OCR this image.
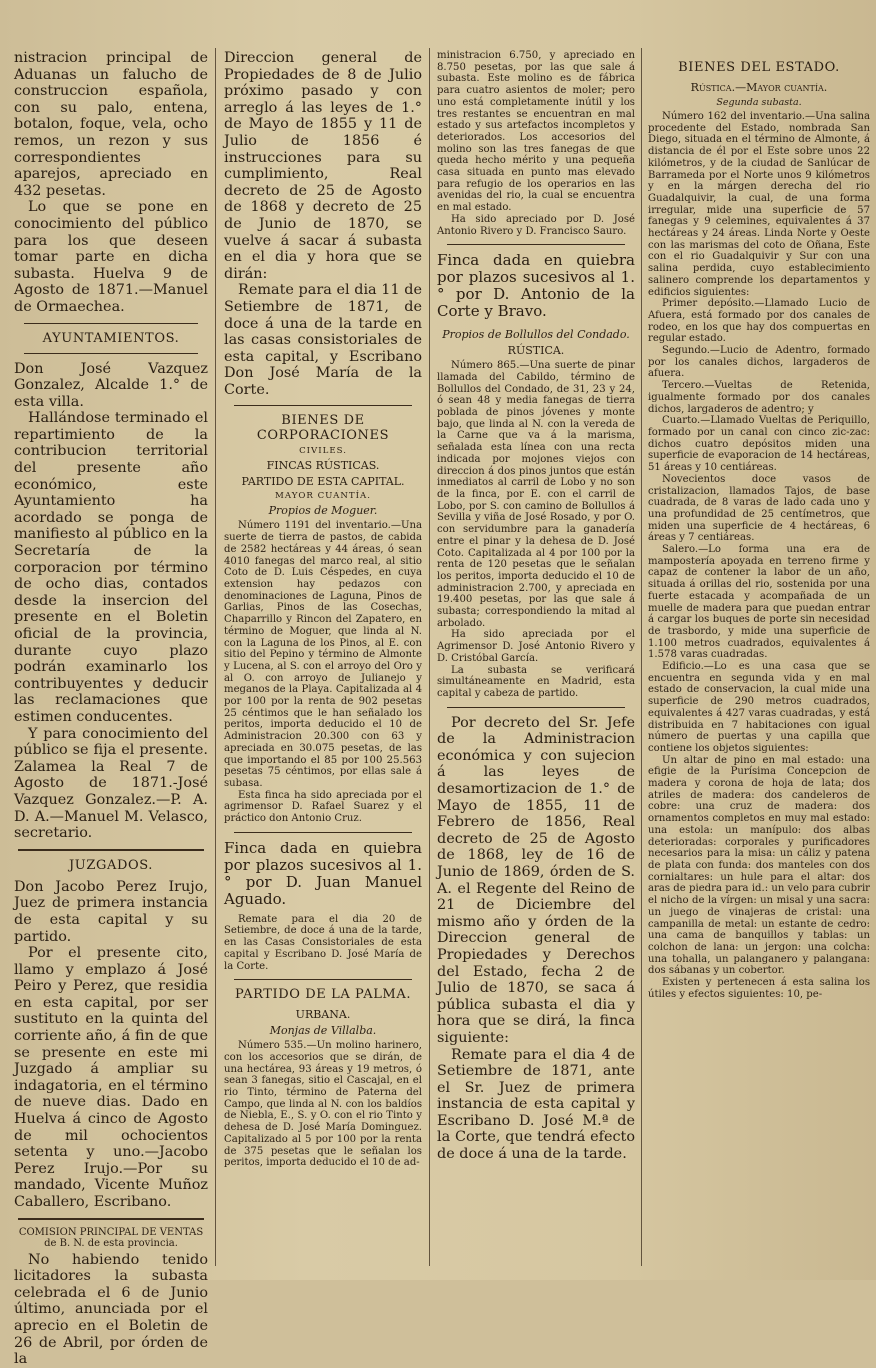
nistracion principal de Aduanas un falucho de construccion española, con su palo, entena, botalon, foque, vela, ocho remos, un rezon y sus correspondientes aparejos, apreciado en 432 pesetas.

Lo que se pone en conocimiento del público para los que deseen tomar parte en dicha subasta. Huelva 9 de Agosto de 1871.—Manuel de Ormaechea.

AYUNTAMIENTOS.

Don José Vazquez Gonzalez, Alcalde 1.° de esta villa.

Hallándose terminado el repartimiento de la contribucion territorial del presente año económico, este Ayuntamiento ha acordado se ponga de manifiesto al público en la Secretaría de la corporacion por término de ocho dias, contados desde la insercion del presente en el Boletin oficial de la provincia, durante cuyo plazo podrán examinarlo los contribuyentes y deducir las reclamaciones que estimen conducentes.

Y para conocimiento del público se fija el presente. Zalamea la Real 7 de Agosto de 1871.-José Vazquez Gonzalez.—P. A. D. A.—Manuel M. Velasco, secretario.

JUZGADOS.

Don Jacobo Perez Irujo, Juez de primera instancia de esta capital y su partido.

Por el presente cito, llamo y emplazo á José Peiro y Perez, que residia en esta capital, por ser sustituto en la quinta del corriente año, á fin de que se presente en este mi Juzgado á ampliar su indagatoria, en el término de nueve dias. Dado en Huelva á cinco de Agosto de mil ochocientos setenta y uno.—Jacobo Perez Irujo.—Por su mandado, Vicente Muñoz Caballero, Escribano.

COMISION PRINCIPAL DE VENTAS de B. N. de esta provincia.

No habiendo tenido licitadores la subasta celebrada el 6 de Junio último, anunciada por el aprecio en el Boletin de 26 de Abril, por órden de la

Direccion general de Propiedades de 8 de Julio próximo pasado y con arreglo á las leyes de 1.° de Mayo de 1855 y 11 de Julio de 1856 é instrucciones para su cumplimiento, Real decreto de 25 de Agosto de 1868 y decreto de 25 de Junio de 1870, se vuelve á sacar á subasta en el dia y hora que se dirán:

Remate para el dia 11 de Setiembre de 1871, de doce á una de la tarde en las casas consistoriales de esta capital, y Escribano Don José María de la Corte.

BIENES DE CORPORACIONES
CIVILES.
FINCAS RÚSTICAS.
PARTIDO DE ESTA CAPITAL.
MAYOR CUANTÍA.
Propios de Moguer.

Número 1191 del inventario.—Una suerte de tierra de pastos, de cabida de 2582 hectáreas y 44 áreas, ó sean 4010 fanegas del marco real, al sitio Coto de D. Luis Céspedes, en cuya extension hay pedazos con denominaciones de Laguna, Pinos de Garlias, Pinos de las Cosechas, Chaparrillo y Rincon del Zapatero, en término de Moguer, que linda al N. con la Laguna de los Pinos, al E. con sitio del Pepino y término de Almonte y Lucena, al S. con el arroyo del Oro y al O. con arroyo de Julianejo y meganos de la Playa. Capitalizada al 4 por 100 por la renta de 902 pesetas 25 céntimos que le han señalado los peritos, importa deducido el 10 de Administracion 20.300 con 63 y apreciada en 30.075 pesetas, de las que importando el 85 por 100 25.563 pesetas 75 céntimos, por ellas sale á subasa.

Esta finca ha sido apreciada por el agrimensor D. Rafael Suarez y el práctico don Antonio Cruz.

Finca dada en quiebra por plazos sucesivos al 1.° por D. Juan Manuel Aguado.

Remate para el dia 20 de Setiembre, de doce á una de la tarde, en las Casas Consistoriales de esta capital y Escribano D. José María de la Corte.

PARTIDO DE LA PALMA.
URBANA.
Monjas de Villalba.

Número 535.—Un molino harinero, con los accesorios que se dirán, de una hectárea, 93 áreas y 19 metros, ó sean 3 fanegas, sitio el Cascajal, en el rio Tinto, término de Paterna del Campo, que linda al N. con los baldíos de Niebla, E., S. y O. con el rio Tinto y dehesa de D. José María Dominguez. Capitalizado al 5 por 100 por la renta de 375 pesetas que le señalan los peritos, importa deducido el 10 de ad-

ministracion 6.750, y apreciado en 8.750 pesetas, por las que sale á subasta. Este molino es de fábrica para cuatro asientos de moler; pero uno está completamente inútil y los tres restantes se encuentran en mal estado y sus artefactos incompletos y deteriorados. Los accesorios del molino son las tres fanegas de que queda hecho mérito y una pequeña casa situada en punto mas elevado para refugio de los operarios en las avenidas del rio, la cual se encuentra en mal estado.

Ha sido apreciado por D. José Antonio Rivero y D. Francisco Sauro.

Finca dada en quiebra por plazos sucesivos al 1.° por D. Antonio de la Corte y Bravo.

Propios de Bollullos del Condado.
RÚSTICA.

Número 865.—Una suerte de pinar llamada del Cabildo, término de Bollullos del Condado, de 31, 23 y 24, ó sean 48 y media fanegas de tierra poblada de pinos jóvenes y monte bajo, que linda al N. con la vereda de la Carne que va á la marisma, señalada esta línea con una recta indicada por mojones viejos con direccion á dos pinos juntos que están inmediatos al carril de Lobo y no son de la finca, por E. con el carril de Lobo, por S. con camino de Bollullos á Sevilla y viña de José Rosado, y por O. con servidumbre para la ganadería entre el pinar y la dehesa de D. José Coto. Capitalizada al 4 por 100 por la renta de 120 pesetas que le señalan los peritos, importa deducido el 10 de administracion 2.700, y apreciada en 19.400 pesetas, por las que sale á subasta; correspondiendo la mitad al arbolado.

Ha sido apreciada por el Agrimensor D. José Antonio Rivero y D. Cristóbal García.

La subasta se verificará simultáneamente en Madrid, esta capital y cabeza de partido.

Por decreto del Sr. Jefe de la Administracion económica y con sujecion á las leyes de desamortizacion de 1.° de Mayo de 1855, 11 de Febrero de 1856, Real decreto de 25 de Agosto de 1868, ley de 16 de Junio de 1869, órden de S. A. el Regente del Reino de 21 de Diciembre del mismo año y órden de la Direccion general de Propiedades y Derechos del Estado, fecha 2 de Julio de 1870, se saca á pública subasta el dia y hora que se dirá, la finca siguiente:

Remate para el dia 4 de Setiembre de 1871, ante el Sr. Juez de primera instancia de esta capital y Escribano D. José M.ª de la Corte, que tendrá efecto de doce á una de la tarde.

BIENES DEL ESTADO.
Rústica.—Mayor cuantía.
Segunda subasta.

Número 162 del inventario.—Una salina procedente del Estado, nombrada San Diego, situada en el término de Almonte, á distancia de él por el Este sobre unos 22 kilómetros, y de la ciudad de Sanlúcar de Barrameda por el Norte unos 9 kilómetros y en la márgen derecha del rio Guadalquivir, la cual, de una forma irregular, mide una superficie de 57 fanegas y 9 celemines, equivalentes á 37 hectáreas y 24 áreas. Linda Norte y Oeste con las marismas del coto de Oñana, Este con el rio Guadalquivir y Sur con una salina perdida, cuyo establecimiento salinero comprende los departamentos y edificios siguientes:

Primer depósito.—Llamado Lucio de Afuera, está formado por dos canales de rodeo, en los que hay dos compuertas en regular estado.

Segundo.—Lucio de Adentro, formado por los canales dichos, largaderos de afuera.

Tercero.—Vueltas de Retenida, igualmente formado por dos canales dichos, largaderos de adentro; y

Cuarto.—Llamado Vueltas de Periquillo, formado por un canal con cinco zic-zac: dichos cuatro depósitos miden una superficie de evaporacion de 14 hectáreas, 51 áreas y 10 centiáreas.

Novecientos doce vasos de cristalizacion, llamados Tajos, de base cuadrada, de 8 varas de lado cada uno y una profundidad de 25 centímetros, que miden una superficie de 4 hectáreas, 6 áreas y 7 centiáreas.

Salero.—Lo forma una era de mampostería apoyada en terreno firme y capaz de contener la labor de un año, situada á orillas del rio, sostenida por una fuerte estacada y acompañada de un muelle de madera para que puedan entrar á cargar los buques de porte sin necesidad de trasbordo, y mide una superficie de 1.100 metros cuadrados, equivalentes á 1.578 varas cuadradas.

Edificio.—Lo es una casa que se encuentra en segunda vida y en mal estado de conservacion, la cual mide una superficie de 290 metros cuadrados, equivalentes á 427 varas cuadradas, y está distribuida en 7 habitaciones con igual número de puertas y una capilla que contiene los objetos siguientes:

Un altar de pino en mal estado: una efigie de la Purísima Concepcion de madera y corona de hoja de lata; dos atriles de madera: dos candeleros de cobre: una cruz de madera: dos ornamentos completos en muy mal estado: una estola: un manípulo: dos albas deterioradas: corporales y purificadores necesarios para la misa: un cáliz y patena de plata con funda: dos manteles con dos cornialtares: un hule para el altar: dos aras de piedra para id.: un velo para cubrir el nicho de la vírgen: un misal y una sacra: un juego de vinajeras de cristal: una campanilla de metal: un estante de cedro: una cama de banquillos y tablas: un colchon de lana: un jergon: una colcha: una tohalla, un palanganero y palangana: dos sábanas y un cobertor.

Existen y pertenecen á esta salina los útiles y efectos siguientes: 10, pe-
